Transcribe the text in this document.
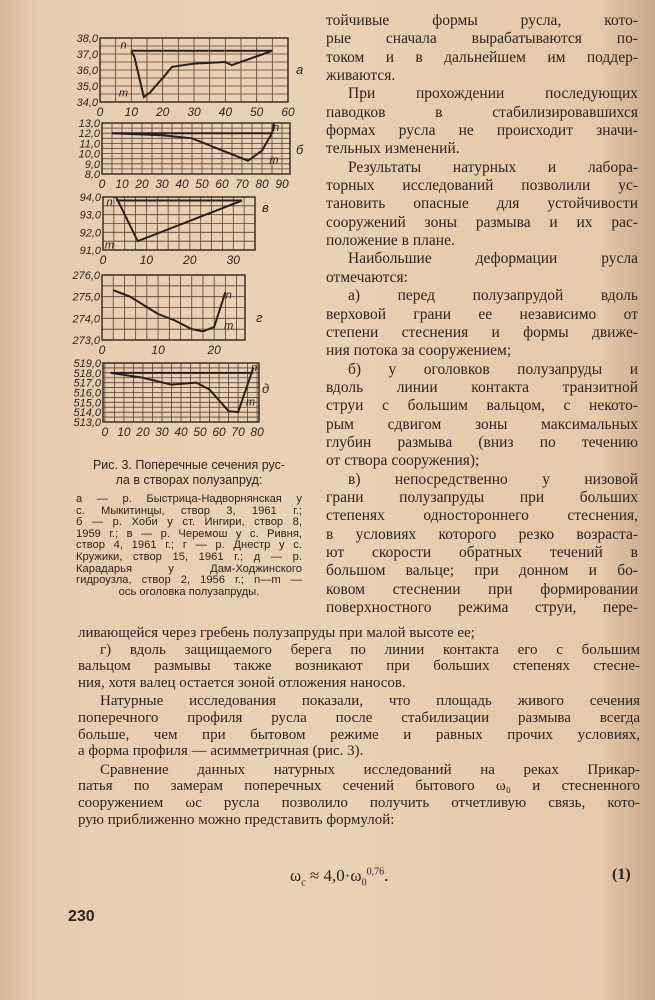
38,0
37,0
36,0
35,0
34,0
0 10 20 30 40 50 60
n
m
а
13,0
12,0
11,0
10,0
9,0
8,0
0 10 20 30 40 50 60 70 80 90
n
m
б
94,0
93,0
92,0
91,0
0	10	20	30
n
m
в
276,0
275,0
274,0
273,0
0	10	20
n
m
г
519,0
518,0
517,0
516,0
515,0
514,0
513,0
0 10 20 30 40 50 60 70 80
n
m
д
тойчивые формы русла, кото-
рые сначала вырабатываются по-
током и в дальнейшем им поддер-
живаются.
При прохождении последующих
паводков в стабилизировавшихся
формах русла не происходит значи-
тельных изменений.
Результаты натурных и лабора-
торных исследований позволили ус-
тановить опасные для устойчивости
сооружений зоны размыва и их рас-
положение в плане.
Наибольшие деформации русла
отмечаются:
а) перед полузапрудой вдоль
верховой грани ее независимо от
степени стеснения и формы движе-
ния потока за сооружением;
б) у оголовков полузапруды и
вдоль линии контакта транзитной
струи с большим вальцом, с некото-
рым сдвигом зоны максимальных
глубин размыва (вниз по течению
от створа сооружения);
в) непосредственно у низовой
грани полузапруды при больших
степенях одностороннего стеснения,
в условиях которого резко возраста-
ют скорости обратных течений в
большом вальце; при донном и бо-
ковом стеснении при формировании
поверхностного режима струи, пере-
ливающейся через гребень полузапруды при малой высоте ее;
г) вдоль защищаемого берега по линии контакта его с большим
вальцом размывы также возникают при больших степенях стесне-
ния, хотя валец остается зоной отложения наносов.
Натурные исследования показали, что площадь живого сечения
поперечного профиля русла после стабилизации размыва всегда
больше, чем при бытовом режиме и равных прочих условиях,
а форма профиля — асимметричная (рис. 3).
Сравнение данных натурных исследований на реках Прикар-
патья по замерам поперечных сечений бытового ω₀ и стесненного
сооружением ωc русла позволило получить отчетливую связь, кото-
рую приближенно можно представить формулой:
Рис. 3. Поперечные сечения рус-
ла в створах полузапруд:
а — р. Быстрица-Надворнянская у
с. Мыкитинцы, створ 3, 1961 г.;
б — р. Хоби у ст. Ингири, створ 8,
1959 г.; в — р. Черемош у с. Ривня,
створ 4, 1961 г.; г — р. Днестр у с.
Кружики, створ 15, 1961 г.; д — р.
Карадарья у Дам-Ходжинского
гидроузла, створ 2, 1956 г.; n—m —
ось оголовка полузапруды.
$\omega_c \approx 4,0\cdot\omega_0^{0,76}$.	(1)
230
